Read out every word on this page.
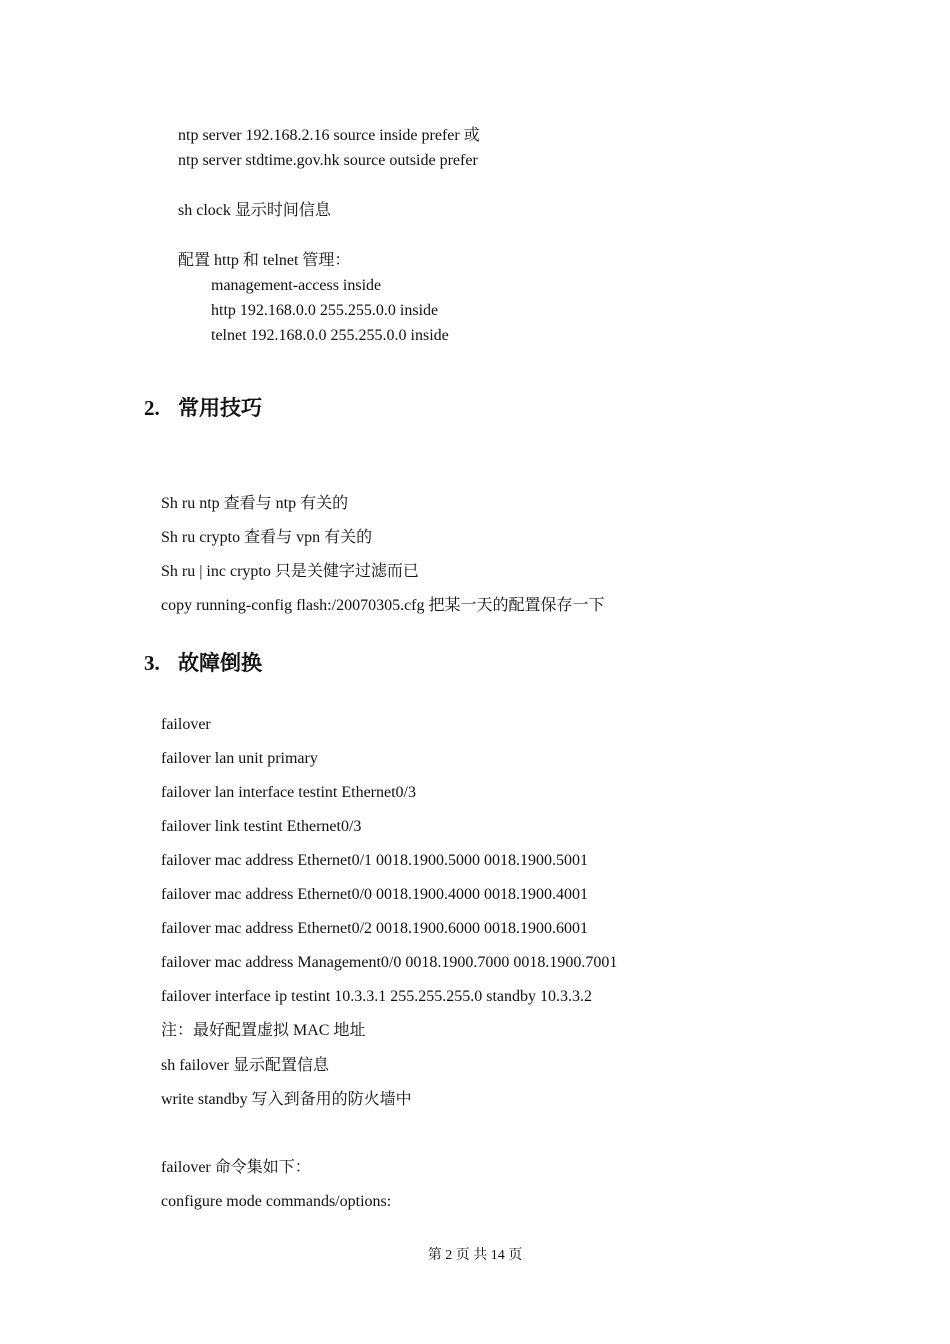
ntp server 192.168.2.16 source inside prefer 或
ntp server stdtime.gov.hk source outside prefer
sh clock 显示时间信息
配置 http 和 telnet 管理：
management-access inside
http 192.168.0.0 255.255.0.0 inside
telnet 192.168.0.0 255.255.0.0 inside
2. 常用技巧
Sh ru ntp 查看与 ntp 有关的
Sh ru crypto 查看与 vpn 有关的
Sh ru | inc crypto 只是关健字过滤而已
copy running-config flash:/20070305.cfg 把某一天的配置保存一下
3. 故障倒换
failover
failover lan unit primary
failover lan interface testint Ethernet0/3
failover link testint Ethernet0/3
failover mac address Ethernet0/1 0018.1900.5000 0018.1900.5001
failover mac address Ethernet0/0 0018.1900.4000 0018.1900.4001
failover mac address Ethernet0/2 0018.1900.6000 0018.1900.6001
failover mac address Management0/0 0018.1900.7000 0018.1900.7001
failover interface ip testint 10.3.3.1 255.255.255.0 standby 10.3.3.2
注：最好配置虚拟 MAC 地址
sh failover 显示配置信息
write standby 写入到备用的防火墙中
failover 命令集如下：
configure mode commands/options:
第 2 页 共 14 页
